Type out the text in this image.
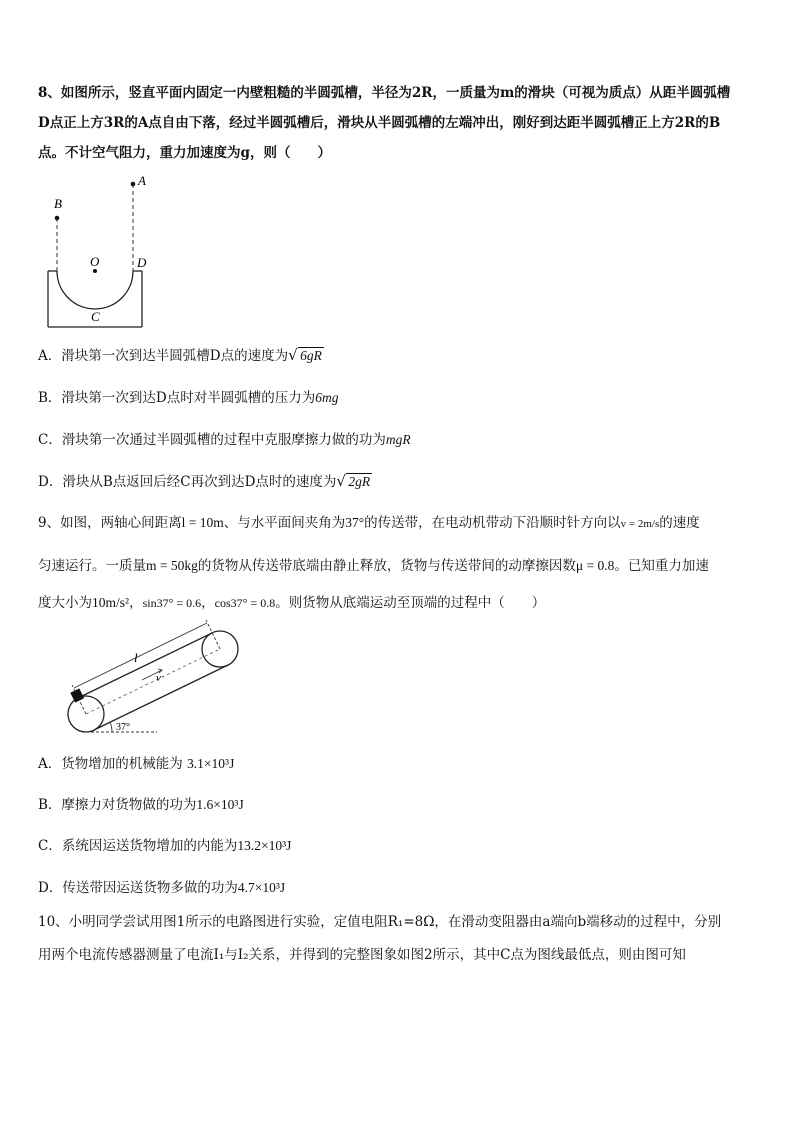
8、如图所示，竖直平面内固定一内壁粗糙的半圆弧槽，半径为2R，一质量为m的滑块（可视为质点）从距半圆弧槽
D点正上方3R的A点自由下落，经过半圆弧槽后，滑块从半圆弧槽的左端冲出，刚好到达距半圆弧槽正上方2R的B
点。不计空气阻力，重力加速度为g，则（　　）
B
A
O	D
C
A．滑块第一次到达半圆弧槽D点的速度为 √ 6gR
B．滑块第一次到达D点时对半圆弧槽的压力为6mg
C．滑块第一次通过半圆弧槽的过程中克服摩擦力做的功为mgR
D．滑块从B点返回后经C再次到达D点时的速度为 √ 2gR
9、如图，两轴心间距离l = 10m、与水平面间夹角为37°的传送带，在电动机带动下沿顺时针方向以v = 2m/s的速度
匀速运行。一质量m = 50kg的货物从传送带底端由静止释放，货物与传送带间的动摩擦因数μ = 0.8。已知重力加速
度大小为10m/s²，sin37° = 0.6，cos37° = 0.8。则货物从底端运动至顶端的过程中（　　）
l
v
37°
A．货物增加的机械能为 3.1×10³J
B．摩擦力对货物做的功为1.6×10³J
C．系统因运送货物增加的内能为13.2×10³J
D．传送带因运送货物多做的功为4.7×10³J
10、小明同学尝试用图1所示的电路图进行实验，定值电阻R₁=8Ω，在滑动变阻器由a端向b端移动的过程中，分别
用两个电流传感器测量了电流I₁与I₂关系，并得到的完整图象如图2所示，其中C点为图线最低点，则由图可知
